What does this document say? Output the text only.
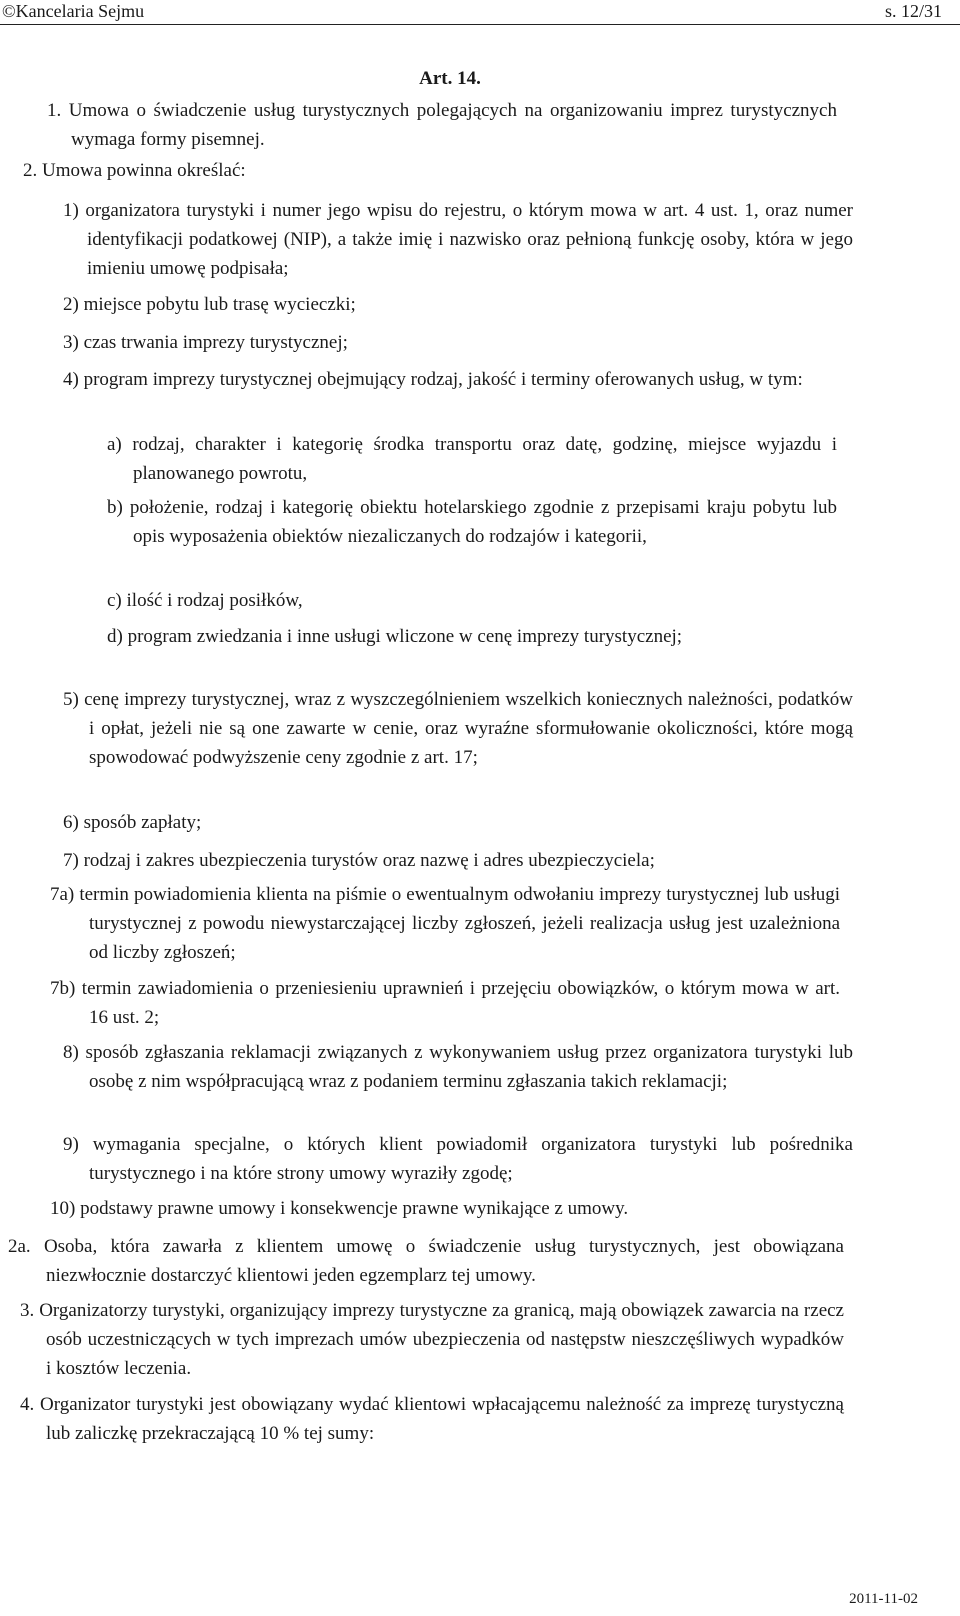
©Kancelaria Sejmu	s. 12/31
Art. 14.
1. Umowa o świadczenie usług turystycznych polegających na organizowaniu imprez turystycznych wymaga formy pisemnej.
2. Umowa powinna określać:
1) organizatora turystyki i numer jego wpisu do rejestru, o którym mowa w art. 4 ust. 1, oraz numer identyfikacji podatkowej (NIP), a także imię i nazwisko oraz pełnioną funkcję osoby, która w jego imieniu umowę podpisała;
2) miejsce pobytu lub trasę wycieczki;
3) czas trwania imprezy turystycznej;
4) program imprezy turystycznej obejmujący rodzaj, jakość i terminy oferowanych usług, w tym:
a) rodzaj, charakter i kategorię środka transportu oraz datę, godzinę, miejsce wyjazdu i planowanego powrotu,
b) położenie, rodzaj i kategorię obiektu hotelarskiego zgodnie z przepisami kraju pobytu lub opis wyposażenia obiektów niezaliczanych do rodzajów i kategorii,
c) ilość i rodzaj posiłków,
d) program zwiedzania i inne usługi wliczone w cenę imprezy turystycznej;
5) cenę imprezy turystycznej, wraz z wyszczególnieniem wszelkich koniecznych należności, podatków i opłat, jeżeli nie są one zawarte w cenie, oraz wyraźne sformułowanie okoliczności, które mogą spowodować podwyższenie ceny zgodnie z art. 17;
6) sposób zapłaty;
7) rodzaj i zakres ubezpieczenia turystów oraz nazwę i adres ubezpieczyciela;
7a) termin powiadomienia klienta na piśmie o ewentualnym odwołaniu imprezy turystycznej lub usługi turystycznej z powodu niewystarczającej liczby zgłoszeń, jeżeli realizacja usług jest uzależniona od liczby zgłoszeń;
7b) termin zawiadomienia o przeniesieniu uprawnień i przejęciu obowiązków, o którym mowa w art. 16 ust. 2;
8) sposób zgłaszania reklamacji związanych z wykonywaniem usług przez organizatora turystyki lub osobę z nim współpracującą wraz z podaniem terminu zgłaszania takich reklamacji;
9) wymagania specjalne, o których klient powiadomił organizatora turystyki lub pośrednika turystycznego i na które strony umowy wyraziły zgodę;
10) podstawy prawne umowy i konsekwencje prawne wynikające z umowy.
2a. Osoba, która zawarła z klientem umowę o świadczenie usług turystycznych, jest obowiązana niezwłocznie dostarczyć klientowi jeden egzemplarz tej umowy.
3. Organizatorzy turystyki, organizujący imprezy turystyczne za granicą, mają obowiązek zawarcia na rzecz osób uczestniczących w tych imprezach umów ubezpieczenia od następstw nieszczęśliwych wypadków i kosztów leczenia.
4. Organizator turystyki jest obowiązany wydać klientowi wpłacającemu należność za imprezę turystyczną lub zaliczkę przekraczającą 10 % tej sumy:
2011-11-02
